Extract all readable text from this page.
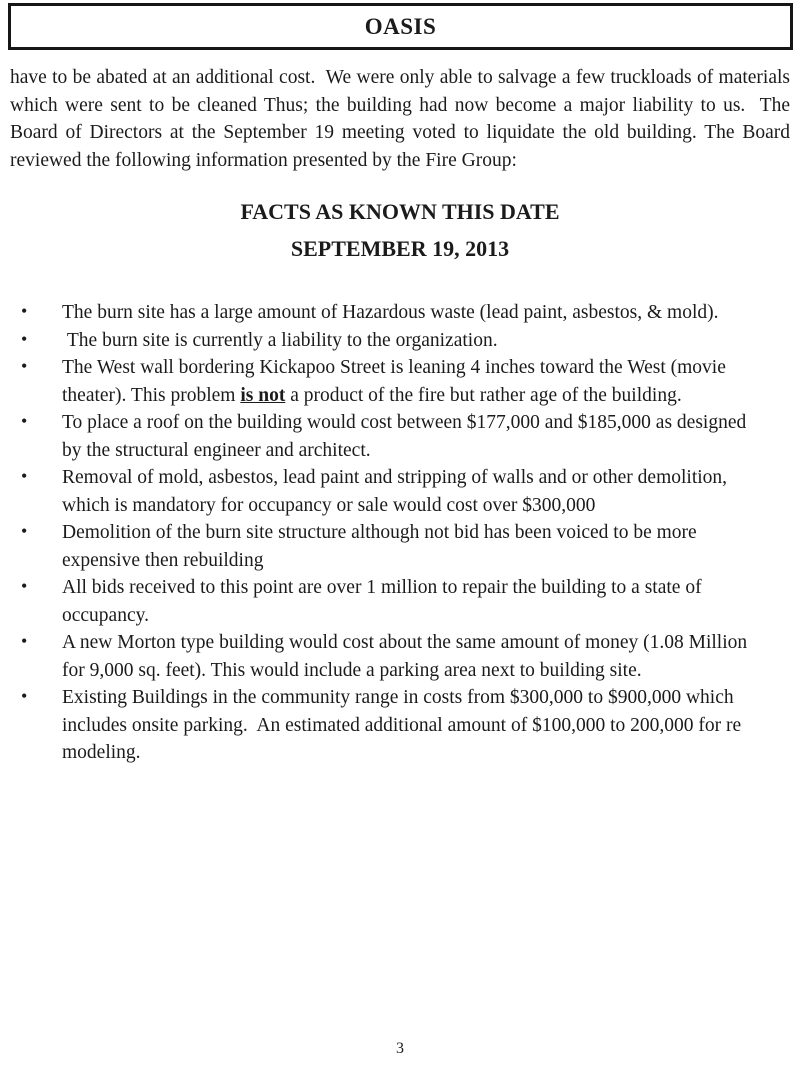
OASIS

have to be abated at an additional cost.  We were only able to salvage a few truckloads of materials which were sent to be cleaned Thus; the building had now become a major liability to us.  The Board of Directors at the September 19 meeting voted to liquidate the old building. The Board reviewed the following information presented by the Fire Group:

FACTS AS KNOWN THIS DATE
SEPTEMBER 19, 2013
• The burn site has a large amount of Hazardous waste (lead paint, asbestos, & mold).
• The burn site is currently a liability to the organization.
• The West wall bordering Kickapoo Street is leaning 4 inches toward the West (movie theater). This problem is not a product of the fire but rather age of the building.
• To place a roof on the building would cost between $177,000 and $185,000 as designed by the structural engineer and architect.
• Removal of mold, asbestos, lead paint and stripping of walls and or other demolition, which is mandatory for occupancy or sale would cost over $300,000
• Demolition of the burn site structure although not bid has been voiced to be more expensive then rebuilding
• All bids received to this point are over 1 million to repair the building to a state of occupancy.
• A new Morton type building would cost about the same amount of money (1.08 Million for 9,000 sq. feet). This would include a parking area next to building site.
• Existing Buildings in the community range in costs from $300,000 to $900,000 which includes onsite parking.  An estimated additional amount of $100,000 to 200,000 for re modeling.
3
